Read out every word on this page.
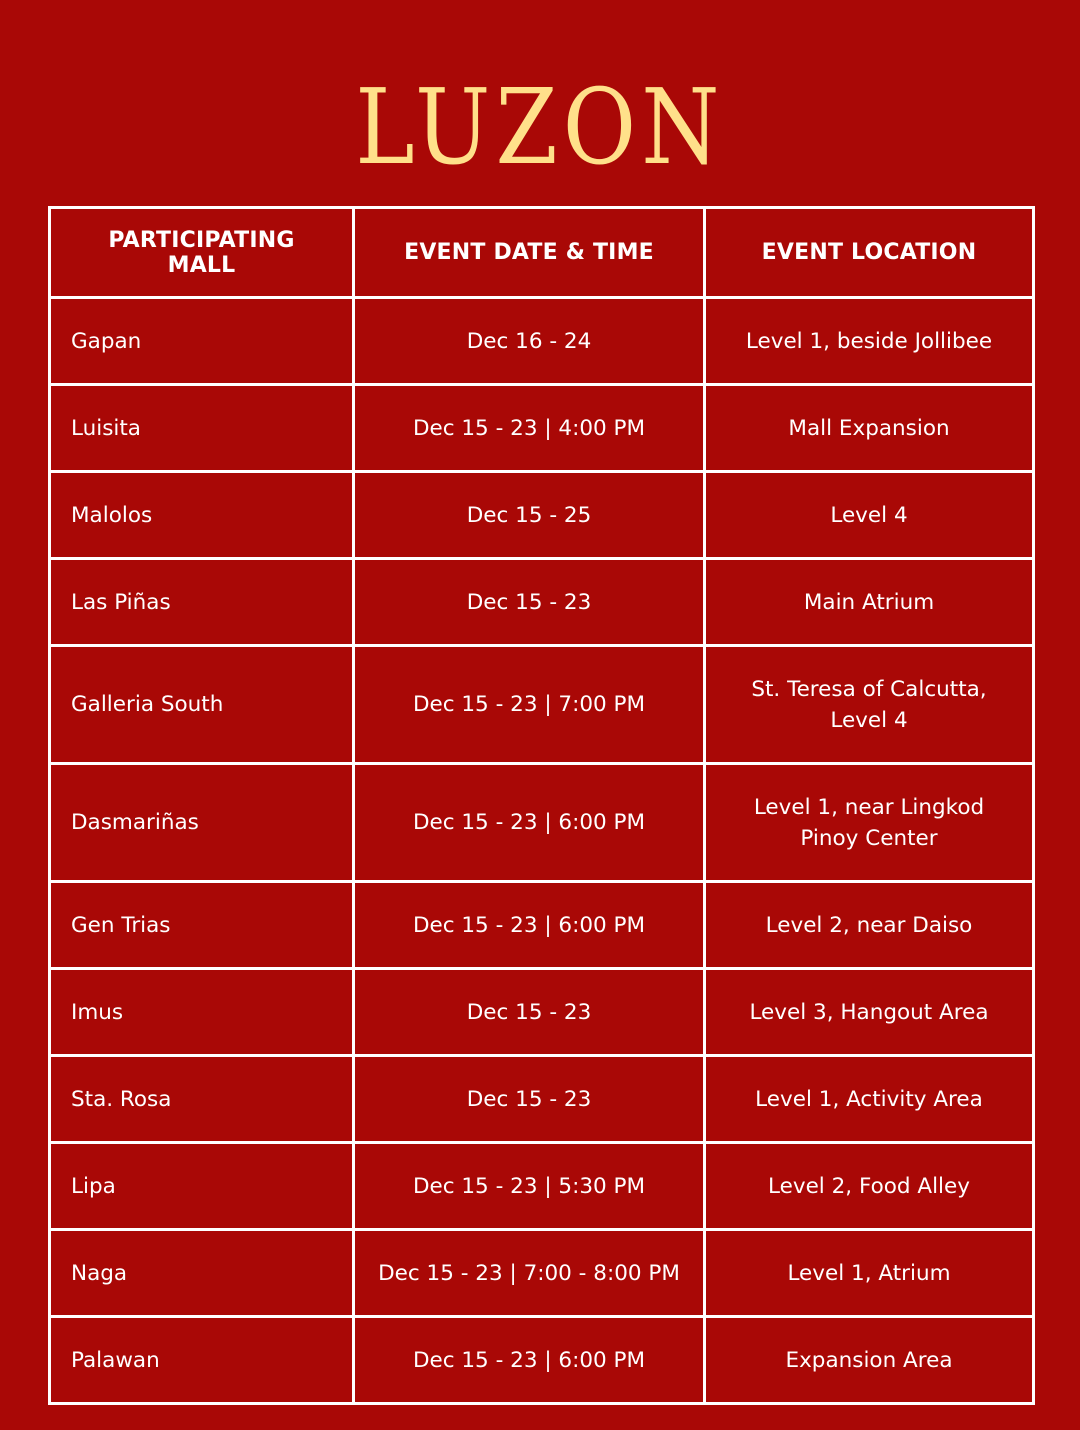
LUZON
PARTICIPATING MALL	EVENT DATE & TIME	EVENT LOCATION
Gapan	Dec 16 - 24	Level 1, beside Jollibee
Luisita	Dec 15 - 23 | 4:00 PM	Mall Expansion
Malolos	Dec 15 - 25	Level 4
Las Piñas	Dec 15 - 23	Main Atrium
Galleria South	Dec 15 - 23 | 7:00 PM	St. Teresa of Calcutta, Level 4
Dasmariñas	Dec 15 - 23 | 6:00 PM	Level 1, near Lingkod Pinoy Center
Gen Trias	Dec 15 - 23 | 6:00 PM	Level 2, near Daiso
Imus	Dec 15 - 23	Level 3, Hangout Area
Sta. Rosa	Dec 15 - 23	Level 1, Activity Area
Lipa	Dec 15 - 23 | 5:30 PM	Level 2, Food Alley
Naga	Dec 15 - 23 | 7:00 - 8:00 PM	Level 1, Atrium
Palawan	Dec 15 - 23 | 6:00 PM	Expansion Area
